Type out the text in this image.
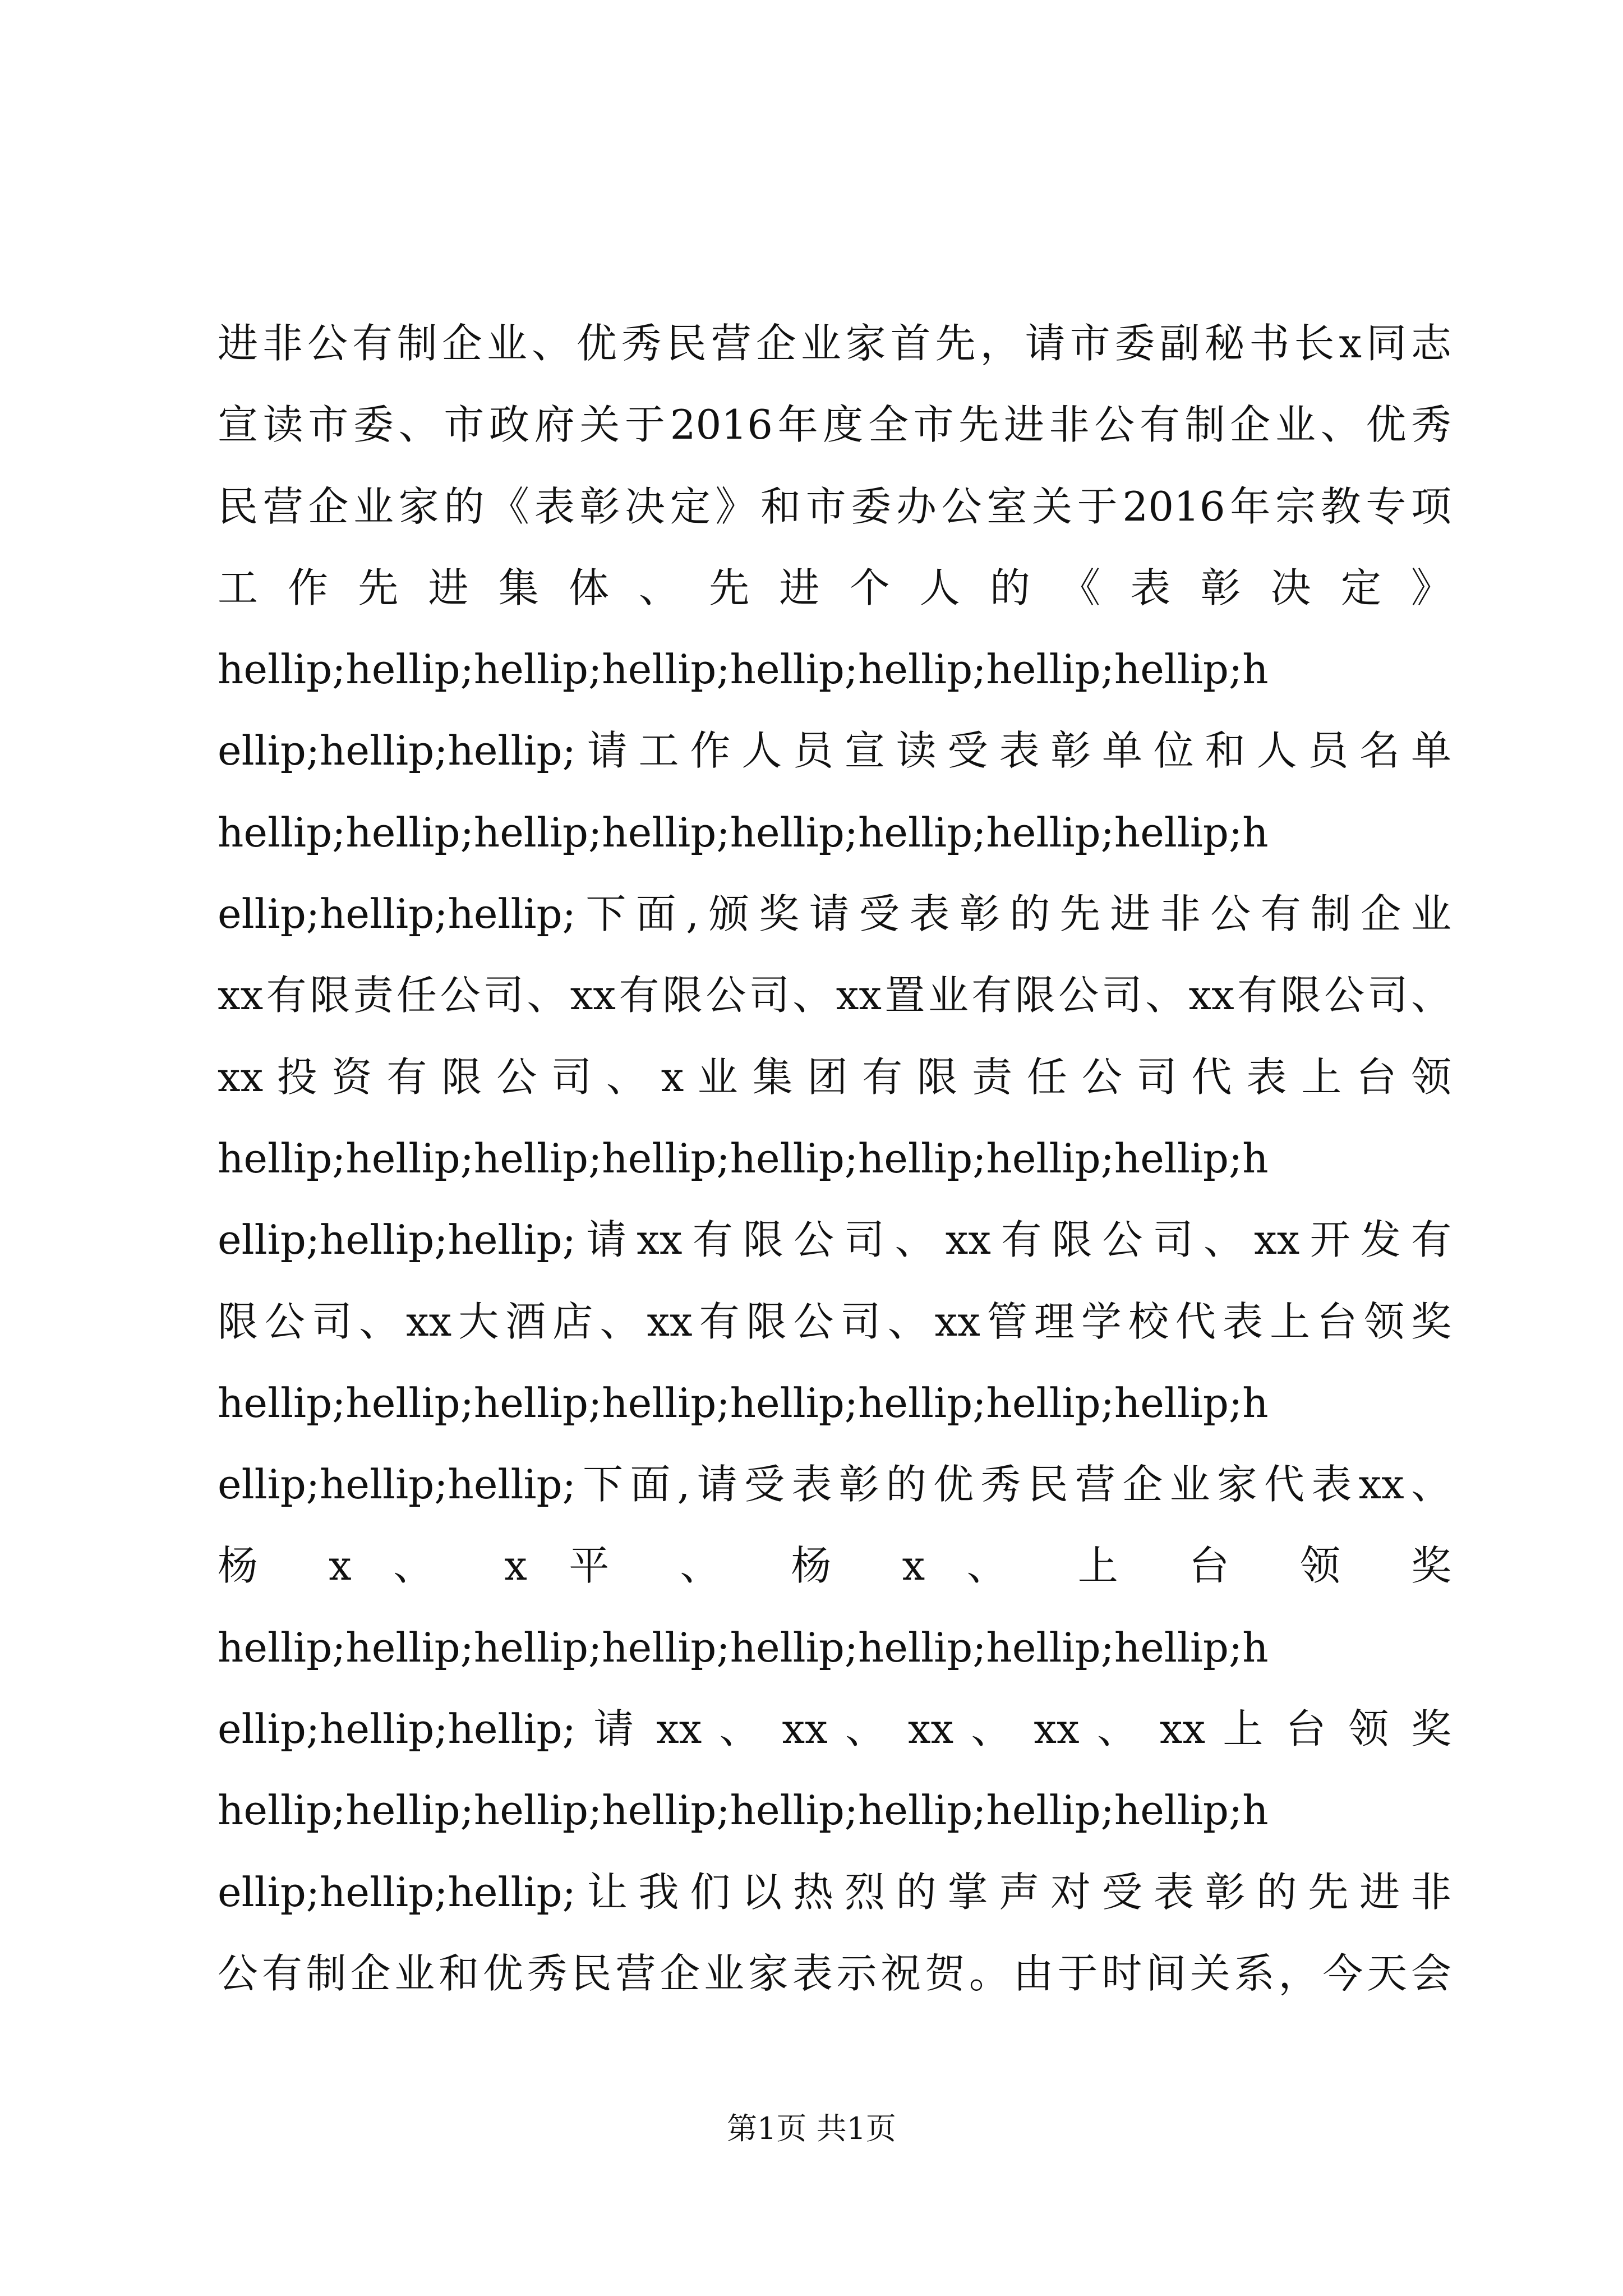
进非公有制企业、优秀民营企业家首先，请市委副秘书长x同志
宣读市委、市政府关于2016年度全市先进非公有制企业、优秀
民营企业家的《表彰决定》和市委办公室关于2016年宗教专项
工 作 先 进 集 体 、 先 进 个 人 的 《 表 彰 决 定 》
hellip;hellip;hellip;hellip;hellip;hellip;hellip;hellip;h
ellip;hellip;hellip;请工作人员宣读受表彰单位和人员名单
hellip;hellip;hellip;hellip;hellip;hellip;hellip;hellip;h
ellip;hellip;hellip;下面,颁奖请受表彰的先进非公有制企业
xx有限责任公司、xx有限公司、xx置业有限公司、xx有限公司、
xx 投 资 有 限 公 司 、 x 业 集 团 有 限 责 任 公 司 代 表 上 台 领
hellip;hellip;hellip;hellip;hellip;hellip;hellip;hellip;h
ellip;hellip;hellip;请xx有限公司、xx有限公司、xx开发有
限公司、xx大酒店、xx有限公司、xx管理学校代表上台领奖
hellip;hellip;hellip;hellip;hellip;hellip;hellip;hellip;h
ellip;hellip;hellip;下面,请受表彰的优秀民营企业家代表xx、
杨 x 、 x 平 、 杨 x 、 上 台 领 奖
hellip;hellip;hellip;hellip;hellip;hellip;hellip;hellip;h
ellip;hellip;hellip; 请 xx 、 xx 、 xx 、 xx 、 xx 上 台 领 奖
hellip;hellip;hellip;hellip;hellip;hellip;hellip;hellip;h
ellip;hellip;hellip;让我们以热烈的掌声对受表彰的先进非
公有制企业和优秀民营企业家表示祝贺。由于时间关系，今天会
第1页 共1页
